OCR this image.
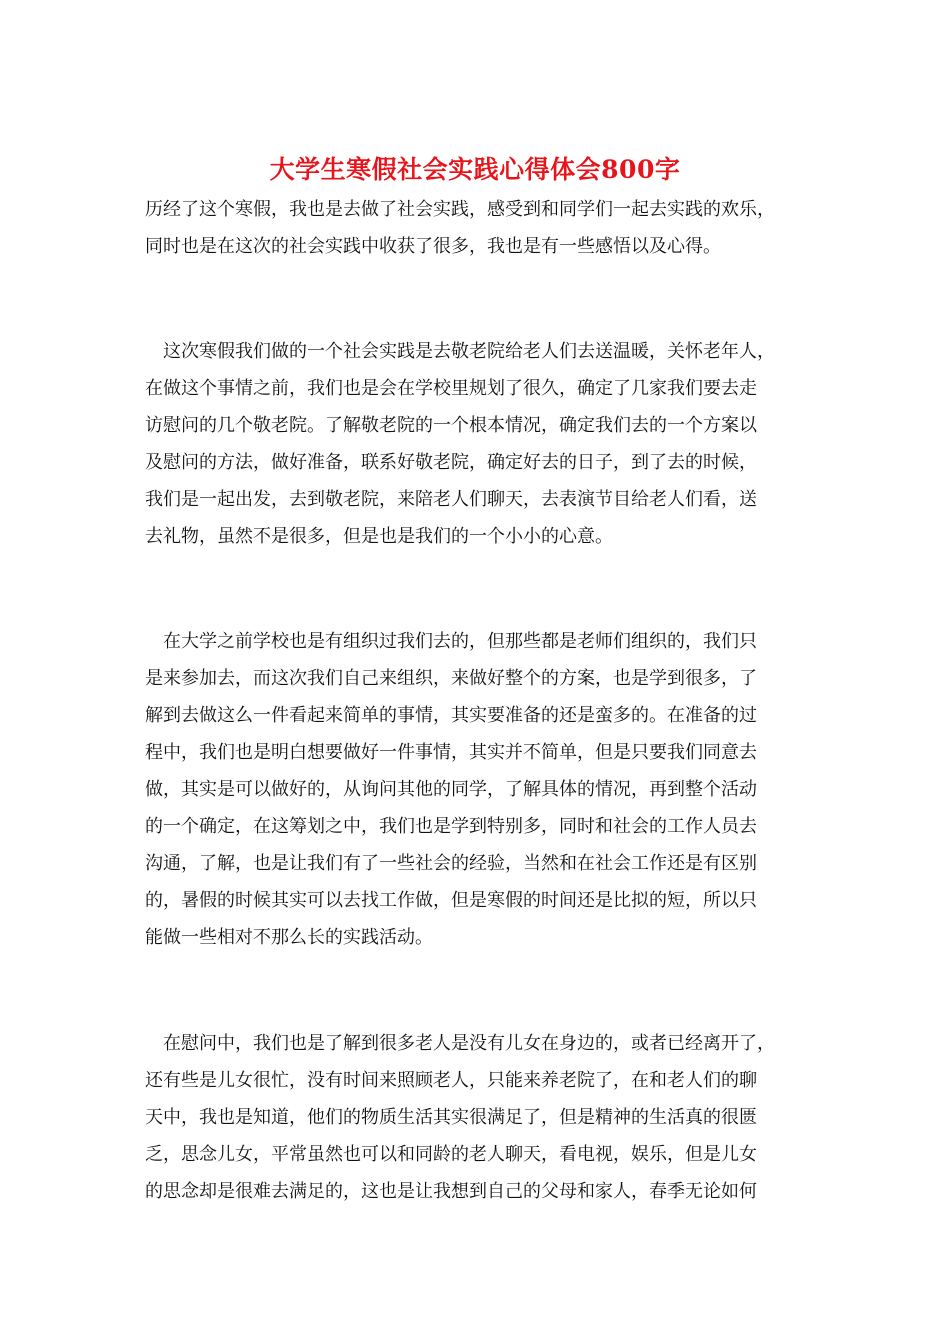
大学生寒假社会实践心得体会800字

历经了这个寒假，我也是去做了社会实践，感受到和同学们一起去实践的欢乐，

同时也是在这次的社会实践中收获了很多，我也是有一些感悟以及心得。

　这次寒假我们做的一个社会实践是去敬老院给老人们去送温暖，关怀老年人，

在做这个事情之前，我们也是会在学校里规划了很久，确定了几家我们要去走

访慰问的几个敬老院。了解敬老院的一个根本情况，确定我们去的一个方案以

及慰问的方法，做好准备，联系好敬老院，确定好去的日子，到了去的时候，

我们是一起出发，去到敬老院，来陪老人们聊天，去表演节目给老人们看，送

去礼物，虽然不是很多，但是也是我们的一个小小的心意。

　在大学之前学校也是有组织过我们去的，但那些都是老师们组织的，我们只

是来参加去，而这次我们自己来组织，来做好整个的方案，也是学到很多，了

解到去做这么一件看起来简单的事情，其实要准备的还是蛮多的。在准备的过

程中，我们也是明白想要做好一件事情，其实并不简单，但是只要我们同意去

做，其实是可以做好的，从询问其他的同学，了解具体的情况，再到整个活动

的一个确定，在这筹划之中，我们也是学到特别多，同时和社会的工作人员去

沟通，了解，也是让我们有了一些社会的经验，当然和在社会工作还是有区别

的，暑假的时候其实可以去找工作做，但是寒假的时间还是比拟的短，所以只

能做一些相对不那么长的实践活动。

　在慰问中，我们也是了解到很多老人是没有儿女在身边的，或者已经离开了，

还有些是儿女很忙，没有时间来照顾老人，只能来养老院了，在和老人们的聊

天中，我也是知道，他们的物质生活其实很满足了，但是精神的生活真的很匮

乏，思念儿女，平常虽然也可以和同龄的老人聊天，看电视，娱乐，但是儿女

的思念却是很难去满足的，这也是让我想到自己的父母和家人，春季无论如何
